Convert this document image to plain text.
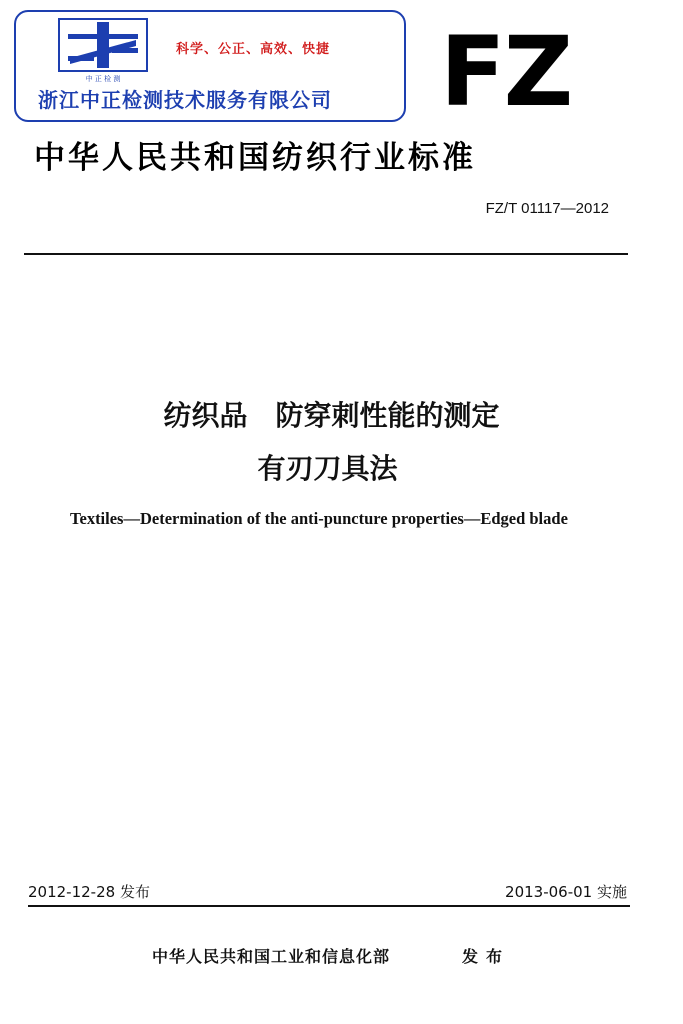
中 正 检 测
科学、公正、高效、快捷
浙江中正检测技术服务有限公司 FZ
中华人民共和国纺织行业标准
FZ/T 01117—2012
纺织品　防穿刺性能的测定
有刃刀具法
Textiles—Determination of the anti-puncture properties—Edged blade
2012-12-28 发布	2013-06-01 实施
中华人民共和国工业和信息化部	发布
